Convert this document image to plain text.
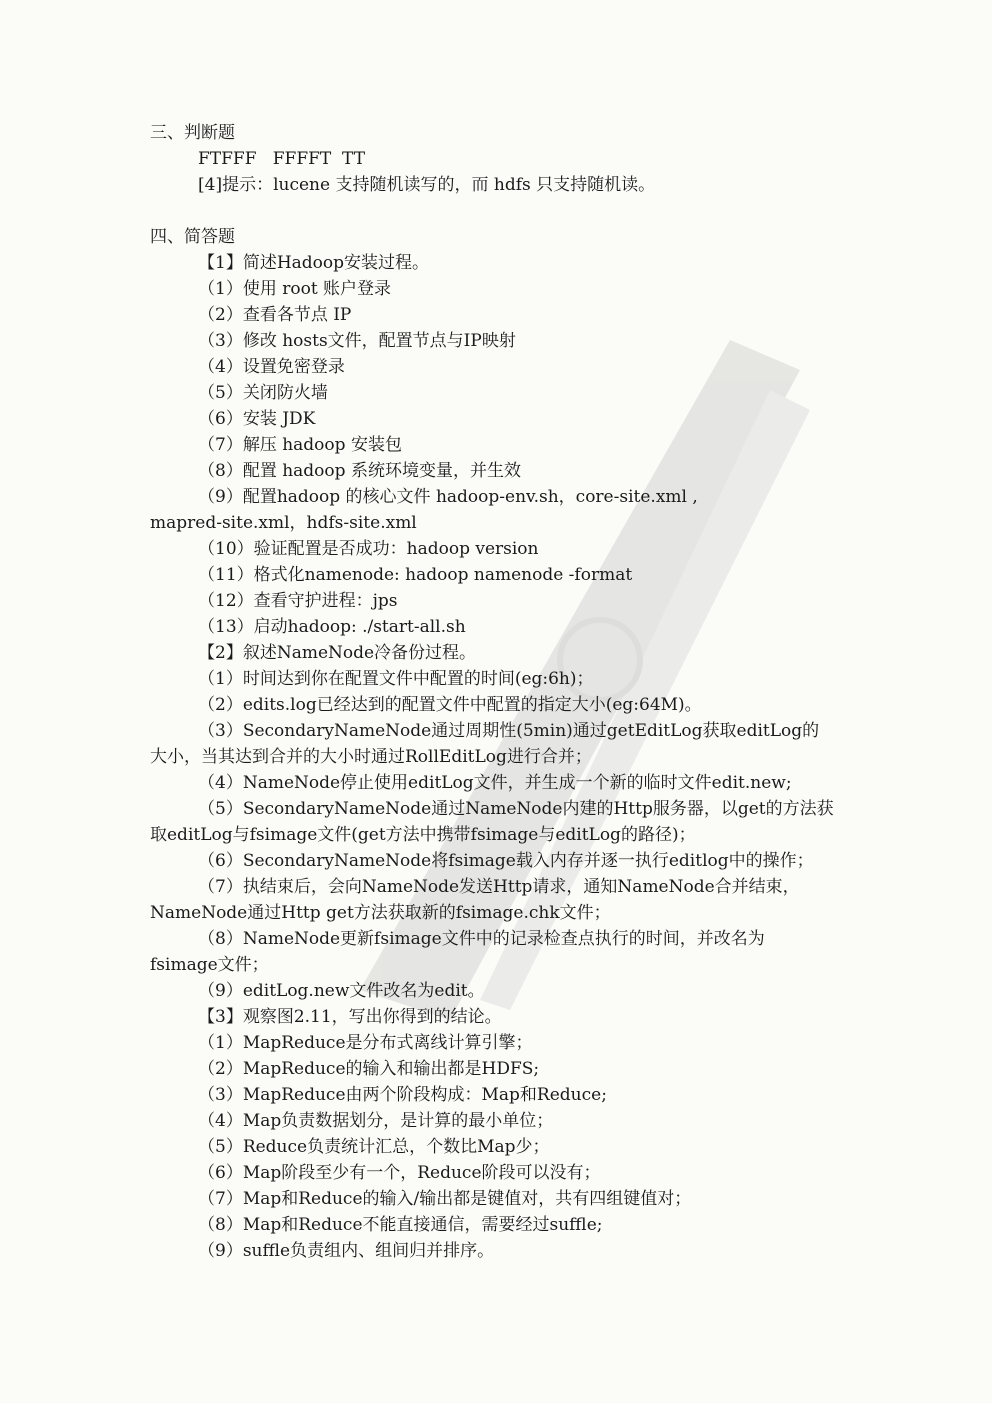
三、判断题
FTFFF   FFFFT  TT
[4]提示：lucene 支持随机读写的，而 hdfs 只支持随机读。
四、简答题
【1】简述Hadoop安装过程。
（1）使用 root 账户登录
（2）查看各节点 IP
（3）修改 hosts文件，配置节点与IP映射
（4）设置免密登录
（5）关闭防火墙
（6）安装 JDK
（7）解压 hadoop 安装包
（8）配置 hadoop 系统环境变量，并生效
（9）配置hadoop 的核心文件 hadoop-env.sh，core-site.xml ,
mapred-site.xml，hdfs-site.xml
（10）验证配置是否成功：hadoop version
（11）格式化namenode: hadoop namenode -format
（12）查看守护进程：jps
（13）启动hadoop: ./start-all.sh
【2】叙述NameNode冷备份过程。
（1）时间达到你在配置文件中配置的时间(eg:6h)；
（2）edits.log已经达到的配置文件中配置的指定大小(eg:64M)。
（3）SecondaryNameNode通过周期性(5min)通过getEditLog获取editLog的
大小，当其达到合并的大小时通过RollEditLog进行合并；
（4）NameNode停止使用editLog文件，并生成一个新的临时文件edit.new;
（5）SecondaryNameNode通过NameNode内建的Http服务器，以get的方法获
取editLog与fsimage文件(get方法中携带fsimage与editLog的路径)；
（6）SecondaryNameNode将fsimage载入内存并逐一执行editlog中的操作；
（7）执结束后，会向NameNode发送Http请求，通知NameNode合并结束，
NameNode通过Http get方法获取新的fsimage.chk文件；
（8）NameNode更新fsimage文件中的记录检查点执行的时间，并改名为
fsimage文件；
（9）editLog.new文件改名为edit。
【3】观察图2.11，写出你得到的结论。
（1）MapReduce是分布式离线计算引擎；
（2）MapReduce的输入和输出都是HDFS;
（3）MapReduce由两个阶段构成：Map和Reduce;
（4）Map负责数据划分，是计算的最小单位；
（5）Reduce负责统计汇总，个数比Map少；
（6）Map阶段至少有一个，Reduce阶段可以没有；
（7）Map和Reduce的输入/输出都是键值对，共有四组键值对；
（8）Map和Reduce不能直接通信，需要经过suffle;
（9）suffle负责组内、组间归并排序。
